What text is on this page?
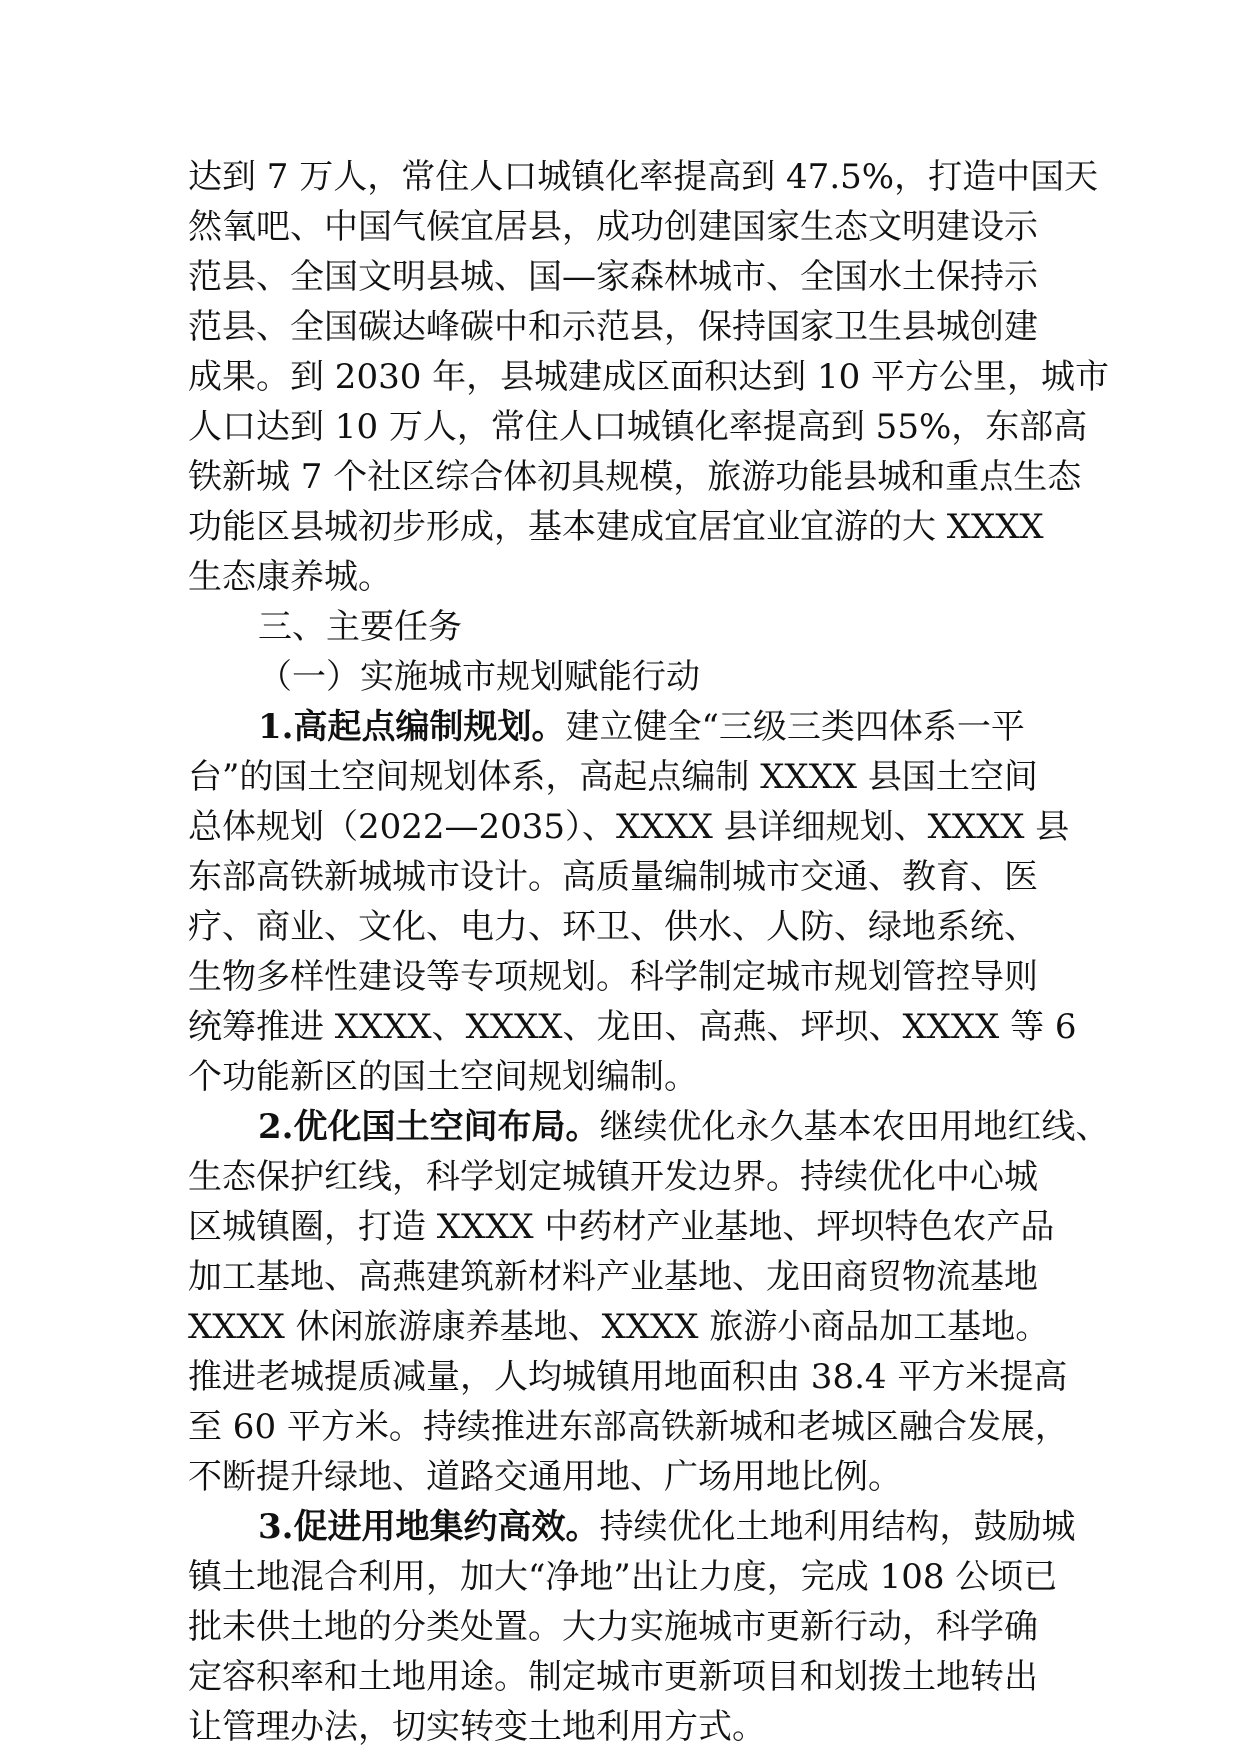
达到 7 万人，常住人口城镇化率提高到 47.5%，打造中国天
然氧吧、中国气候宜居县，成功创建国家生态文明建设示
范县、全国文明县城、国—家森林城市、全国水土保持示
范县、全国碳达峰碳中和示范县，保持国家卫生县城创建
成果。到 2030 年，县城建成区面积达到 10 平方公里，城市
人口达到 10 万人，常住人口城镇化率提高到 55%，东部高
铁新城 7 个社区综合体初具规模，旅游功能县城和重点生态
功能区县城初步形成，基本建成宜居宜业宜游的大 XXXX
生态康养城。
三、主要任务
（一）实施城市规划赋能行动
1.高起点编制规划。建立健全“三级三类四体系一平
台”的国土空间规划体系，高起点编制 XXXX 县国土空间
总体规划（2022—2035）、XXXX 县详细规划、XXXX 县
东部高铁新城城市设计。高质量编制城市交通、教育、医
疗、商业、文化、电力、环卫、供水、人防、绿地系统、
生物多样性建设等专项规划。科学制定城市规划管控导则
统筹推进 XXXX、XXXX、龙田、高燕、坪坝、XXXX 等 6
个功能新区的国土空间规划编制。
2.优化国土空间布局。继续优化永久基本农田用地红线、
生态保护红线，科学划定城镇开发边界。持续优化中心城
区城镇圈，打造 XXXX 中药材产业基地、坪坝特色农产品
加工基地、高燕建筑新材料产业基地、龙田商贸物流基地
XXXX 休闲旅游康养基地、XXXX 旅游小商品加工基地。
推进老城提质减量，人均城镇用地面积由 38.4 平方米提高
至 60 平方米。持续推进东部高铁新城和老城区融合发展，
不断提升绿地、道路交通用地、广场用地比例。
3.促进用地集约高效。持续优化土地利用结构，鼓励城
镇土地混合利用，加大“净地”出让力度，完成 108 公顷已
批未供土地的分类处置。大力实施城市更新行动，科学确
定容积率和土地用途。制定城市更新项目和划拨土地转出
让管理办法，切实转变土地利用方式。
